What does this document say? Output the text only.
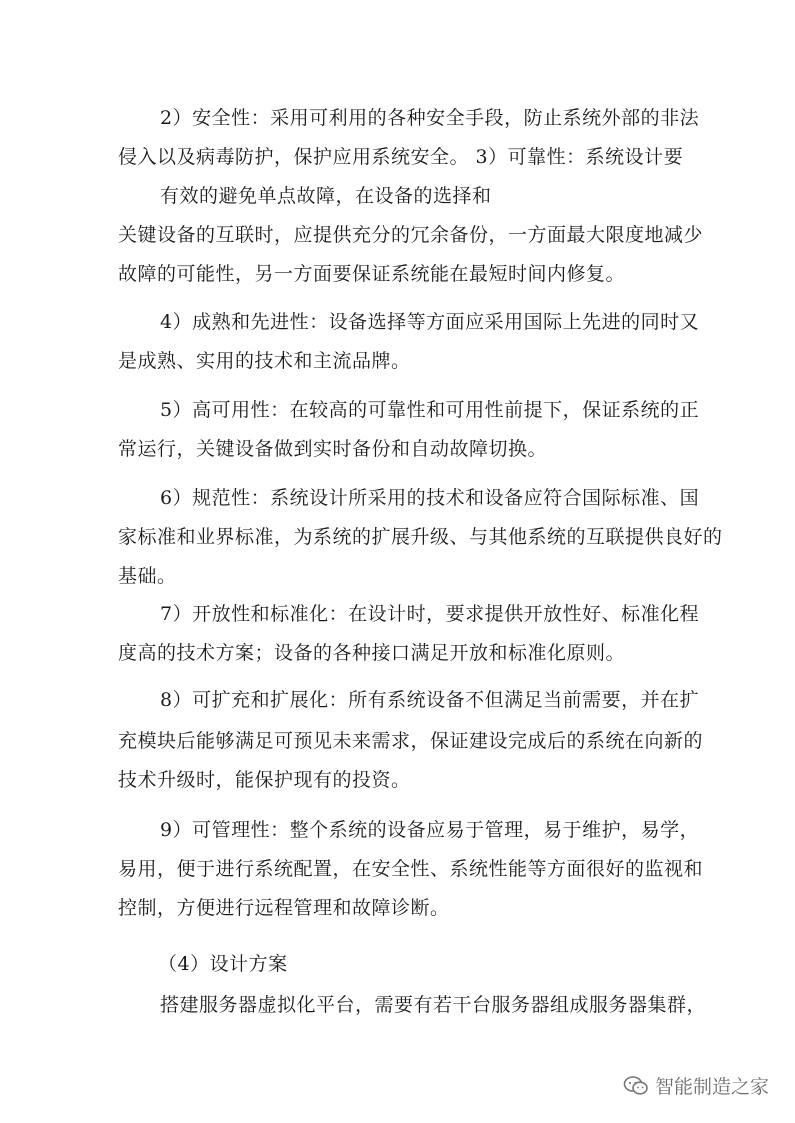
2）安全性：采用可利用的各种安全手段，防止系统外部的非法
侵入以及病毒防护，保护应用系统安全。 3）可靠性：系统设计要
有效的避免单点故障，在设备的选择和
关键设备的互联时，应提供充分的冗余备份，一方面最大限度地减少
故障的可能性，另一方面要保证系统能在最短时间内修复。
4）成熟和先进性：设备选择等方面应采用国际上先进的同时又
是成熟、实用的技术和主流品牌。
5）高可用性：在较高的可靠性和可用性前提下，保证系统的正
常运行，关键设备做到实时备份和自动故障切换。
6）规范性：系统设计所采用的技术和设备应符合国际标准、国
家标准和业界标准，为系统的扩展升级、与其他系统的互联提供良好的
基础。
7）开放性和标准化：在设计时，要求提供开放性好、标准化程
度高的技术方案；设备的各种接口满足开放和标准化原则。
8）可扩充和扩展化：所有系统设备不但满足当前需要，并在扩
充模块后能够满足可预见未来需求，保证建设完成后的系统在向新的
技术升级时，能保护现有的投资。
9）可管理性：整个系统的设备应易于管理，易于维护，易学，
易用，便于进行系统配置，在安全性、系统性能等方面很好的监视和
控制，方便进行远程管理和故障诊断。
（4）设计方案
搭建服务器虚拟化平台，需要有若干台服务器组成服务器集群，
智能制造之家
